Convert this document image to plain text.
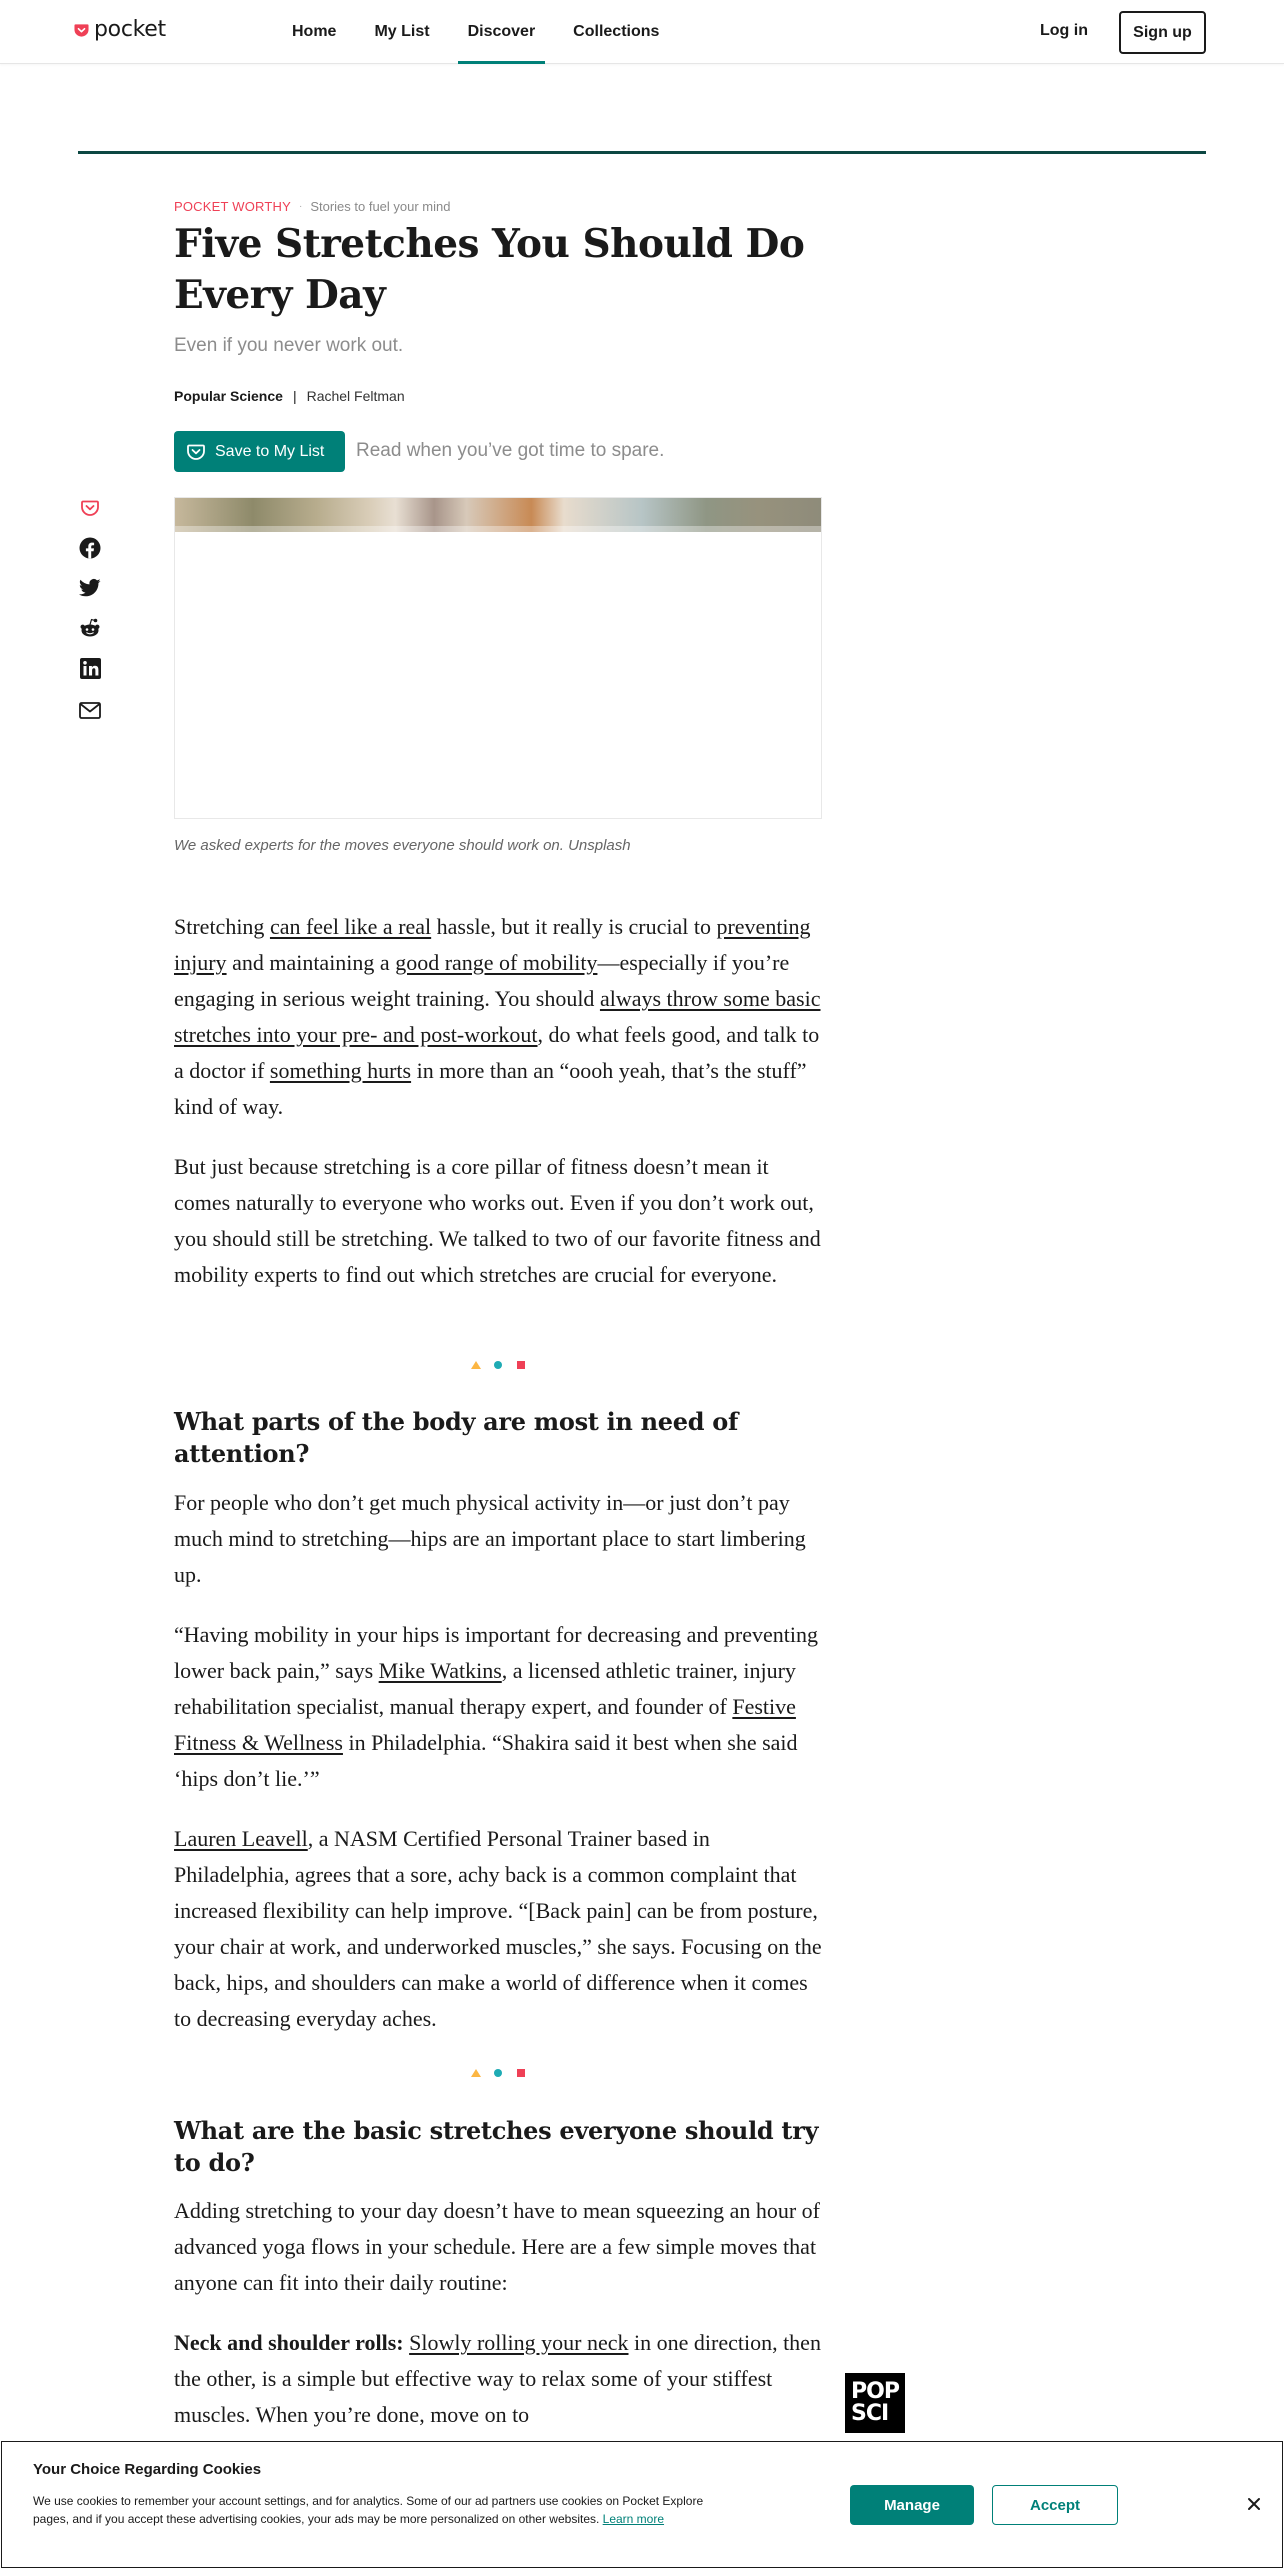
pocket	Home My List Discover Collections	Log in	Sign up
POCKET WORTHY · Stories to fuel your mind
Five Stretches You Should Do Every Day
Even if you never work out.
Popular Science | Rachel Feltman
Save to My List Read when you’ve got time to spare.
We asked experts for the moves everyone should work on. Unsplash

Stretching can feel like a real hassle, but it really is crucial to preventing injury and maintaining a good range of mobility—especially if you’re engaging in serious weight training. You should always throw some basic stretches into your pre- and post-workout, do what feels good, and talk to a doctor if something hurts in more than an “oooh yeah, that’s the stuff” kind of way.

But just because stretching is a core pillar of fitness doesn’t mean it comes naturally to everyone who works out. Even if you don’t work out, you should still be stretching. We talked to two of our favorite fitness and mobility experts to find out which stretches are crucial for everyone.

What parts of the body are most in need of attention?

For people who don’t get much physical activity in—or just don’t pay much mind to stretching—hips are an important place to start limbering up.

“Having mobility in your hips is important for decreasing and preventing lower back pain,” says Mike Watkins, a licensed athletic trainer, injury rehabilitation specialist, manual therapy expert, and founder of Festive Fitness & Wellness in Philadelphia. “Shakira said it best when she said ‘hips don’t lie.’”

Lauren Leavell, a NASM Certified Personal Trainer based in Philadelphia, agrees that a sore, achy back is a common complaint that increased flexibility can help improve. “[Back pain] can be from posture, your chair at work, and underworked muscles,” she says. Focusing on the back, hips, and shoulders can make a world of difference when it comes to decreasing everyday aches.

What are the basic stretches everyone should try to do?

Adding stretching to your day doesn’t have to mean squeezing an hour of advanced yoga flows in your schedule. Here are a few simple moves that anyone can fit into their daily routine:

Neck and shoulder rolls: Slowly rolling your neck in one direction, then the other, is a simple but effective way to relax some of your stiffest muscles. When you’re done, move on to

POP SCI
Your Choice Regarding Cookies
We use cookies to remember your account settings, and for analytics. Some of our ad partners use cookies on Pocket Explore pages, and if you accept these advertising cookies, your ads may be more personalized on other websites. Learn more
Manage	Accept
